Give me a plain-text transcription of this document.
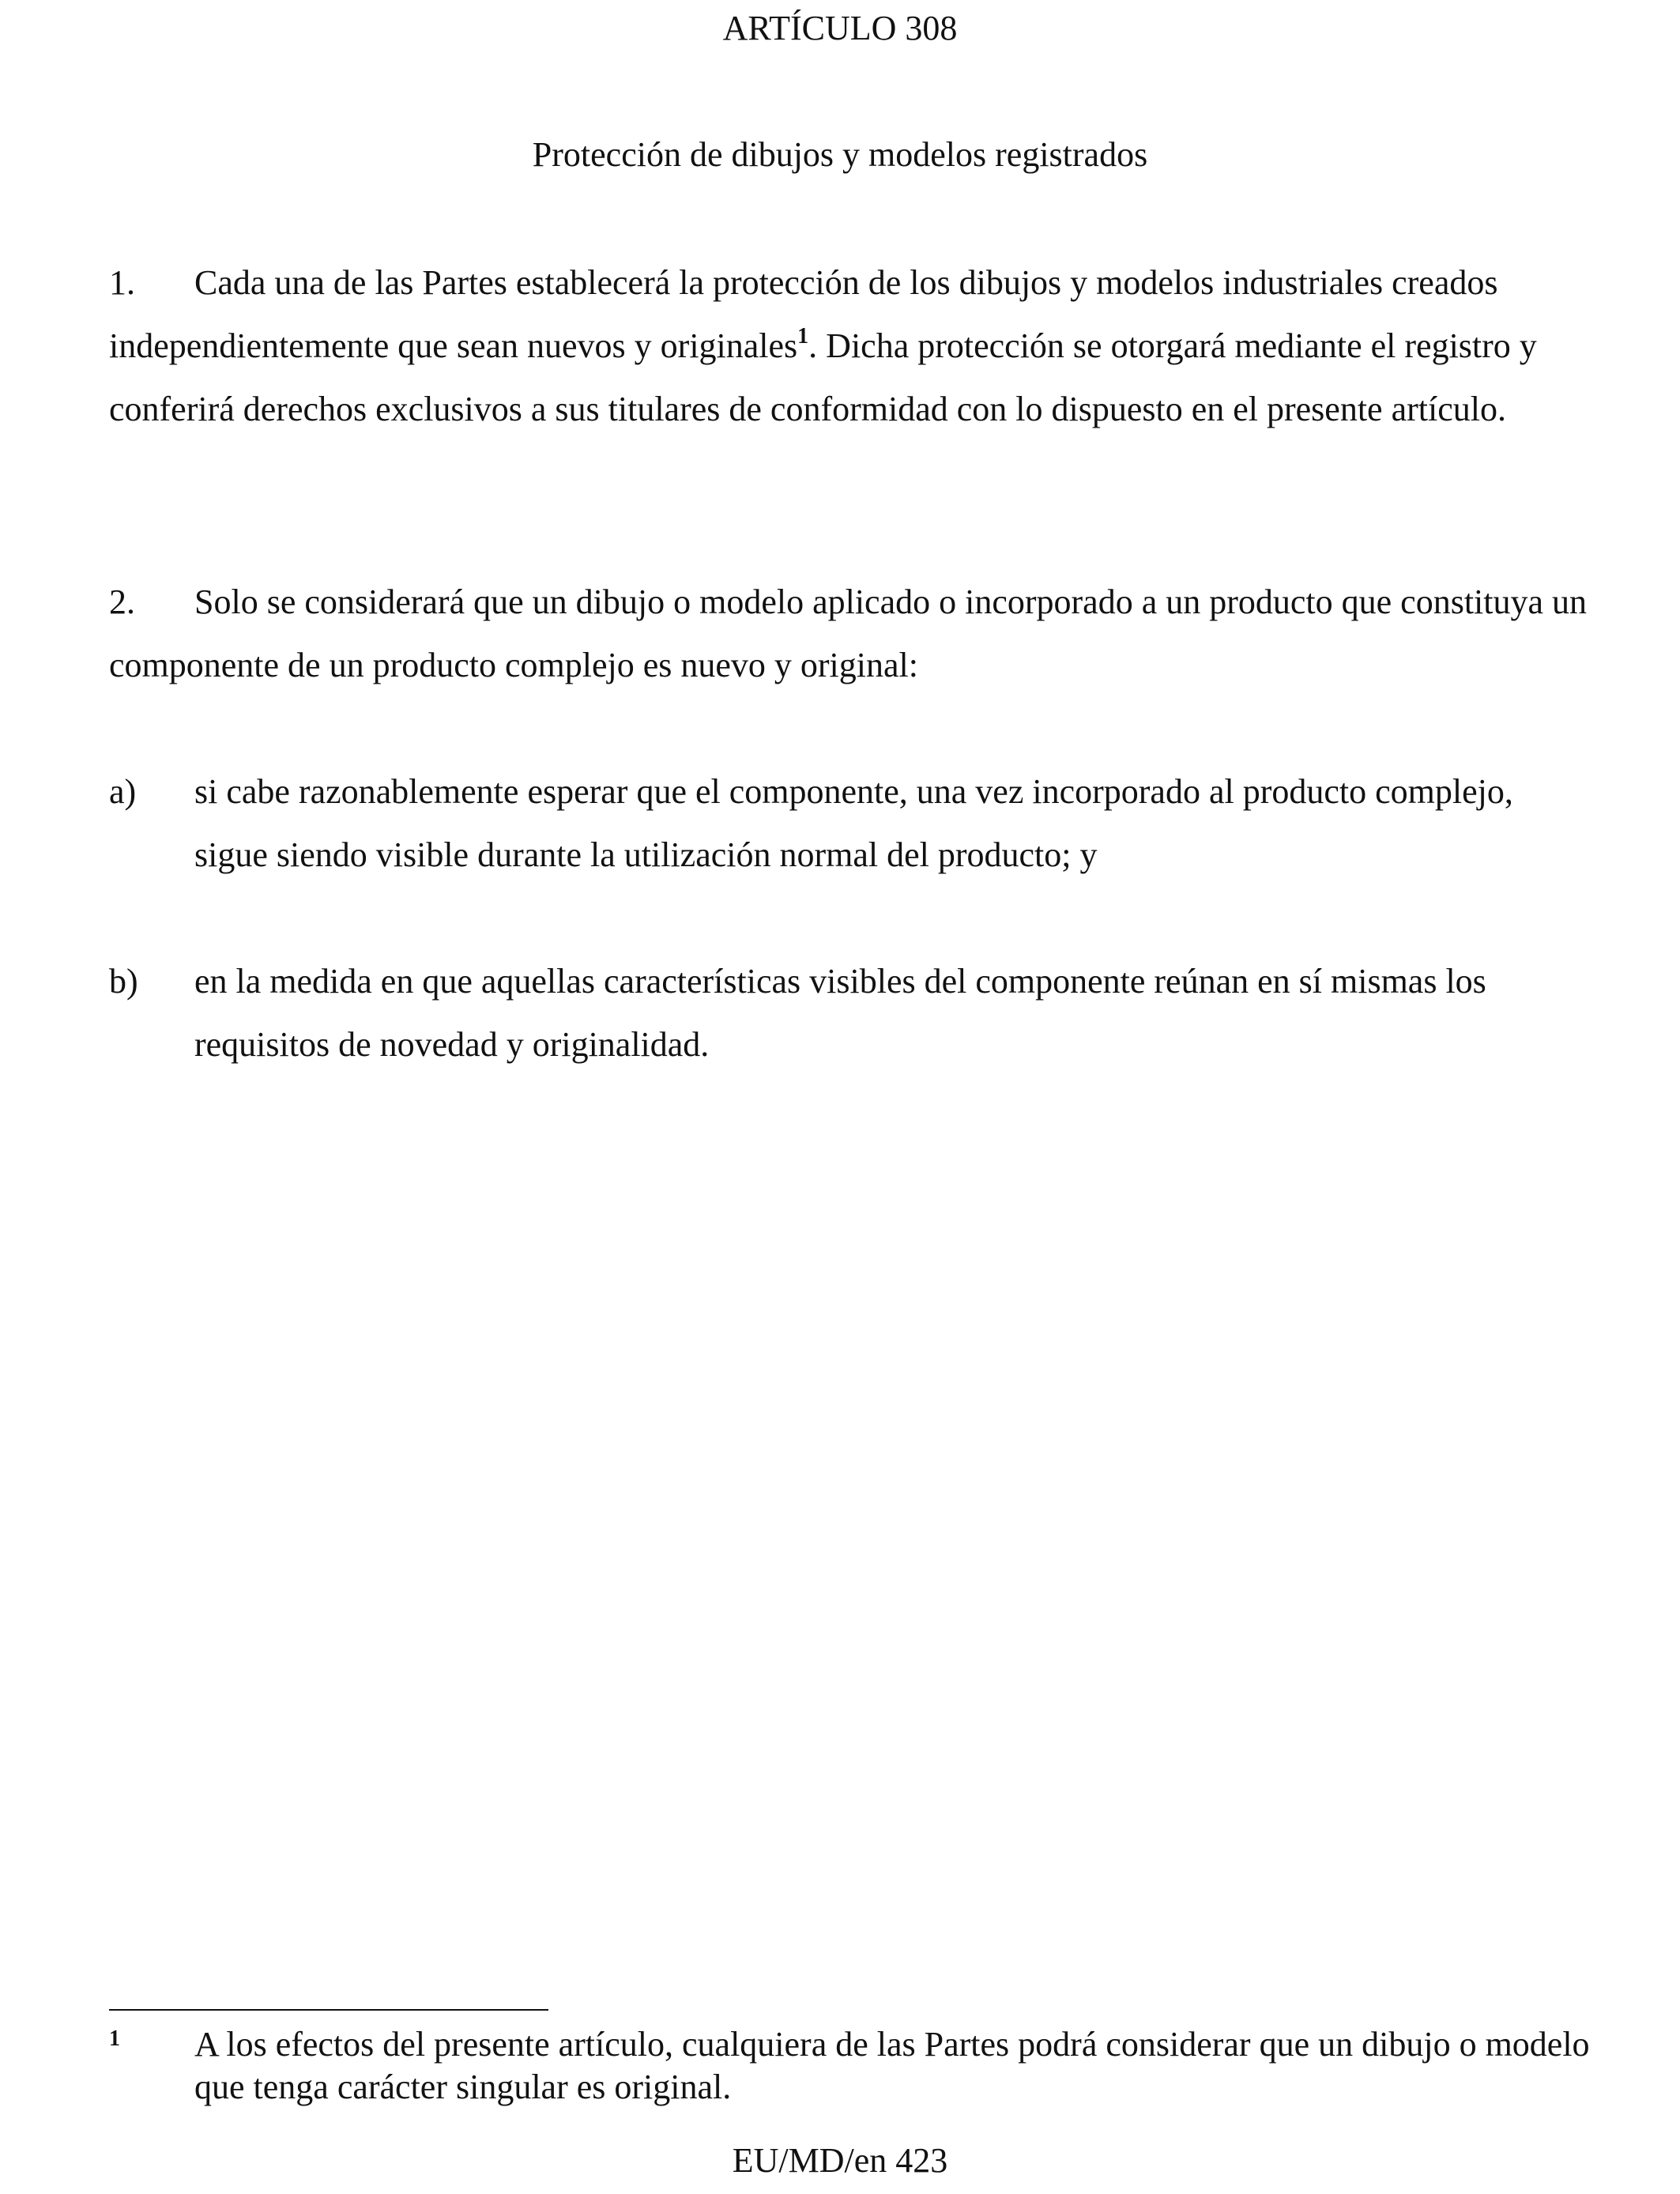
ARTÍCULO 308
Protección de dibujos y modelos registrados

1. Cada una de las Partes establecerá la protección de los dibujos y modelos industriales creados independientemente que sean nuevos y originales$^1$. Dicha protección se otorgará mediante el registro y conferirá derechos exclusivos a sus titulares de conformidad con lo dispuesto en el presente artículo.

2. Solo se considerará que un dibujo o modelo aplicado o incorporado a un producto que constituya un componente de un producto complejo es nuevo y original:

a)	si cabe razonablemente esperar que el componente, una vez incorporado al producto complejo, sigue siendo visible durante la utilización normal del producto; y
b)	en la medida en que aquellas características visibles del componente reúnan en sí mismas los requisitos de novedad y originalidad.
1	A los efectos del presente artículo, cualquiera de las Partes podrá considerar que un dibujo o modelo que tenga carácter singular es original.
EU/MD/en 423
